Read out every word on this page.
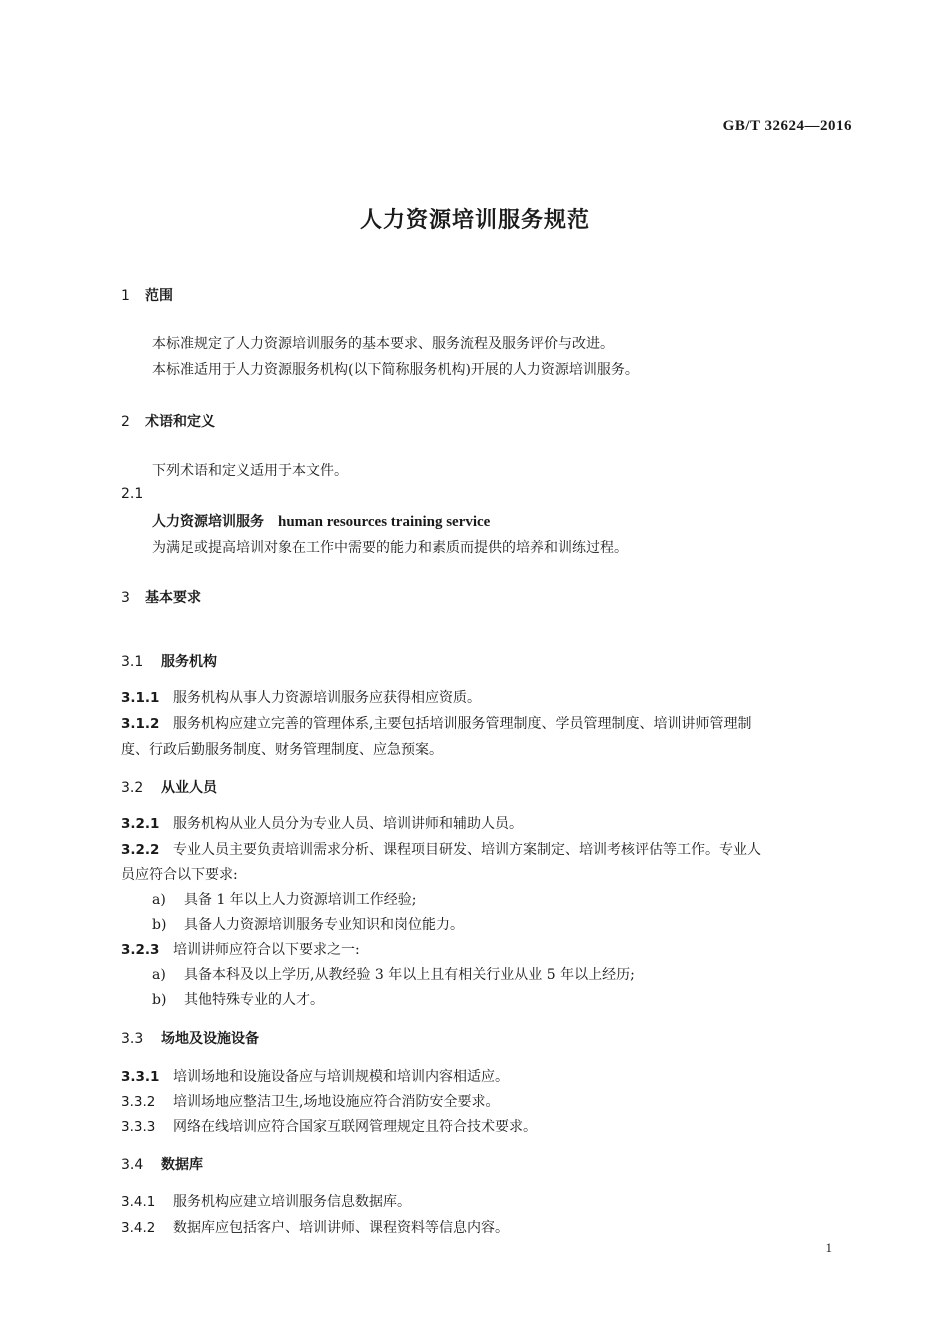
GB/T 32624—2016
人力资源培训服务规范
1 范围
本标准规定了人力资源培训服务的基本要求、服务流程及服务评价与改进。
本标准适用于人力资源服务机构(以下简称服务机构)开展的人力资源培训服务。
2 术语和定义
下列术语和定义适用于本文件。
2.1
人力资源培训服务 human resources training service
为满足或提高培训对象在工作中需要的能力和素质而提供的培养和训练过程。
3 基本要求
3.1 服务机构
3.1.1 服务机构从事人力资源培训服务应获得相应资质。
3.1.2 服务机构应建立完善的管理体系,主要包括培训服务管理制度、学员管理制度、培训讲师管理制
度、行政后勤服务制度、财务管理制度、应急预案。
3.2 从业人员
3.2.1 服务机构从业人员分为专业人员、培训讲师和辅助人员。
3.2.2 专业人员主要负责培训需求分析、课程项目研发、培训方案制定、培训考核评估等工作。专业人
员应符合以下要求:
a) 具备 1 年以上人力资源培训工作经验;
b) 具备人力资源培训服务专业知识和岗位能力。
3.2.3 培训讲师应符合以下要求之一:
a) 具备本科及以上学历,从教经验 3 年以上且有相关行业从业 5 年以上经历;
b) 其他特殊专业的人才。
3.3 场地及设施设备
3.3.1 培训场地和设施设备应与培训规模和培训内容相适应。
3.3.2 培训场地应整洁卫生,场地设施应符合消防安全要求。
3.3.3 网络在线培训应符合国家互联网管理规定且符合技术要求。
3.4 数据库
3.4.1 服务机构应建立培训服务信息数据库。
3.4.2 数据库应包括客户、培训讲师、课程资料等信息内容。
1
